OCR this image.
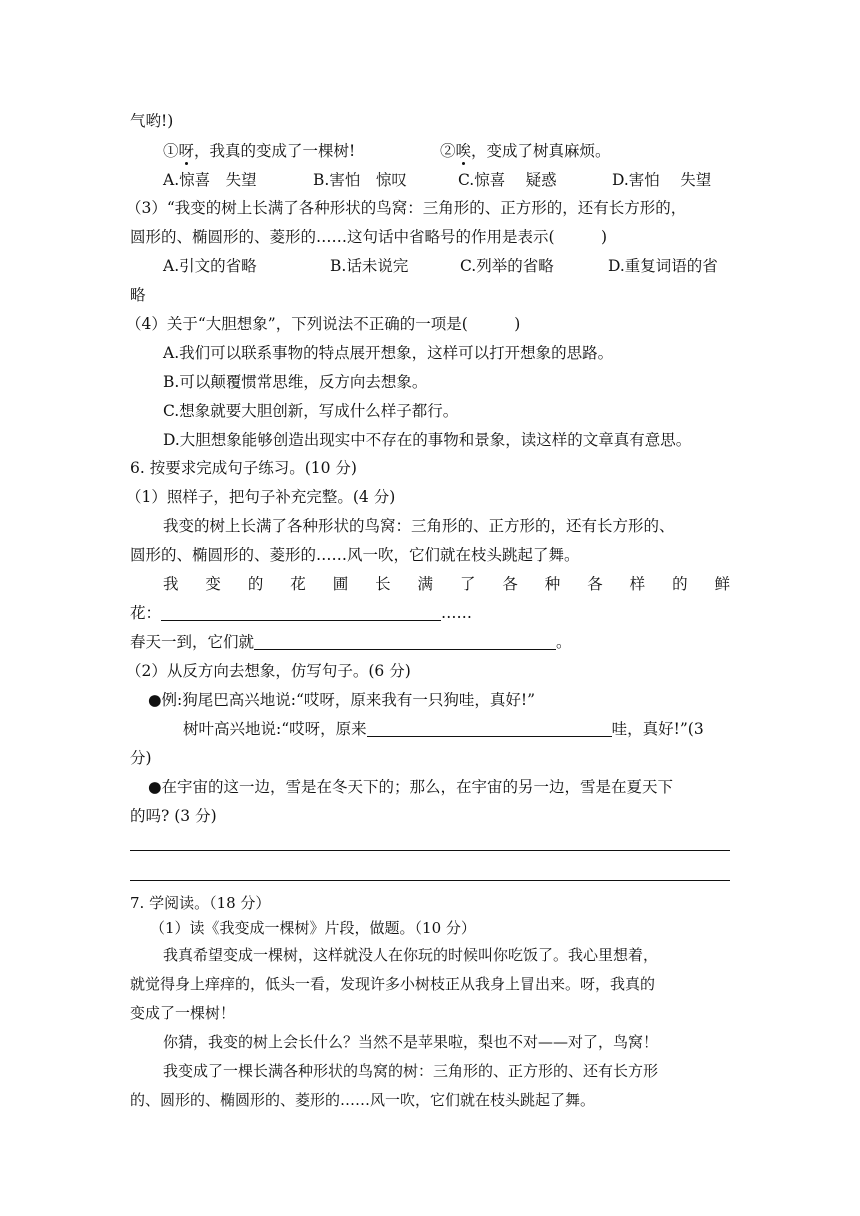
气哟!)
①呀，我真的变成了一棵树!	②唉，变成了树真麻烦。
A.惊喜　失望	B.害怕　惊叹	C.惊喜　 疑惑	D.害怕　 失望
（3）“我变的树上长满了各种形状的鸟窝：三角形的、正方形的，还有长方形的，
圆形的、椭圆形的、菱形的……这句话中省略号的作用是表示(　　　)
A.引文的省略	B.话未说完	C.列举的省略	D.重复词语的省
略
（4）关于“大胆想象”，下列说法不正确的一项是(　　　)
A.我们可以联系事物的特点展开想象，这样可以打开想象的思路。
B.可以颠覆惯常思维，反方向去想象。
C.想象就要大胆创新，写成什么样子都行。
D.大胆想象能够创造出现实中不存在的事物和景象，读这样的文章真有意思。
6. 按要求完成句子练习。(10 分)
（1）照样子，把句子补充完整。(4 分)
我变的树上长满了各种形状的鸟窝：三角形的、正方形的，还有长方形的、
圆形的、椭圆形的、菱形的……风一吹，它们就在枝头跳起了舞。
我 变 的 花 圃 长 满 了 各 种 各 样 的 鲜
花：	……
春天一到，它们就	。
（2）从反方向去想象，仿写句子。(6 分)
●例:狗尾巴高兴地说:“哎呀，原来我有一只狗哇，真好!”
树叶高兴地说:“哎呀，原来	哇，真好!”(3
分)
●在宇宙的这一边，雪是在冬天下的；那么，在宇宙的另一边，雪是在夏天下
的吗? (3 分)
7. 学阅读。（18 分）
（1）读《我变成一棵树》片段，做题。（10 分）
我真希望变成一棵树，这样就没人在你玩的时候叫你吃饭了。我心里想着，
就觉得身上痒痒的，低头一看，发现许多小树枝正从我身上冒出来。呀，我真的
变成了一棵树！
你猜，我变的树上会长什么？当然不是苹果啦，梨也不对——对了，鸟窝！
我变成了一棵长满各种形状的鸟窝的树：三角形的、正方形的、还有长方形
的、圆形的、椭圆形的、菱形的……风一吹，它们就在枝头跳起了舞。
